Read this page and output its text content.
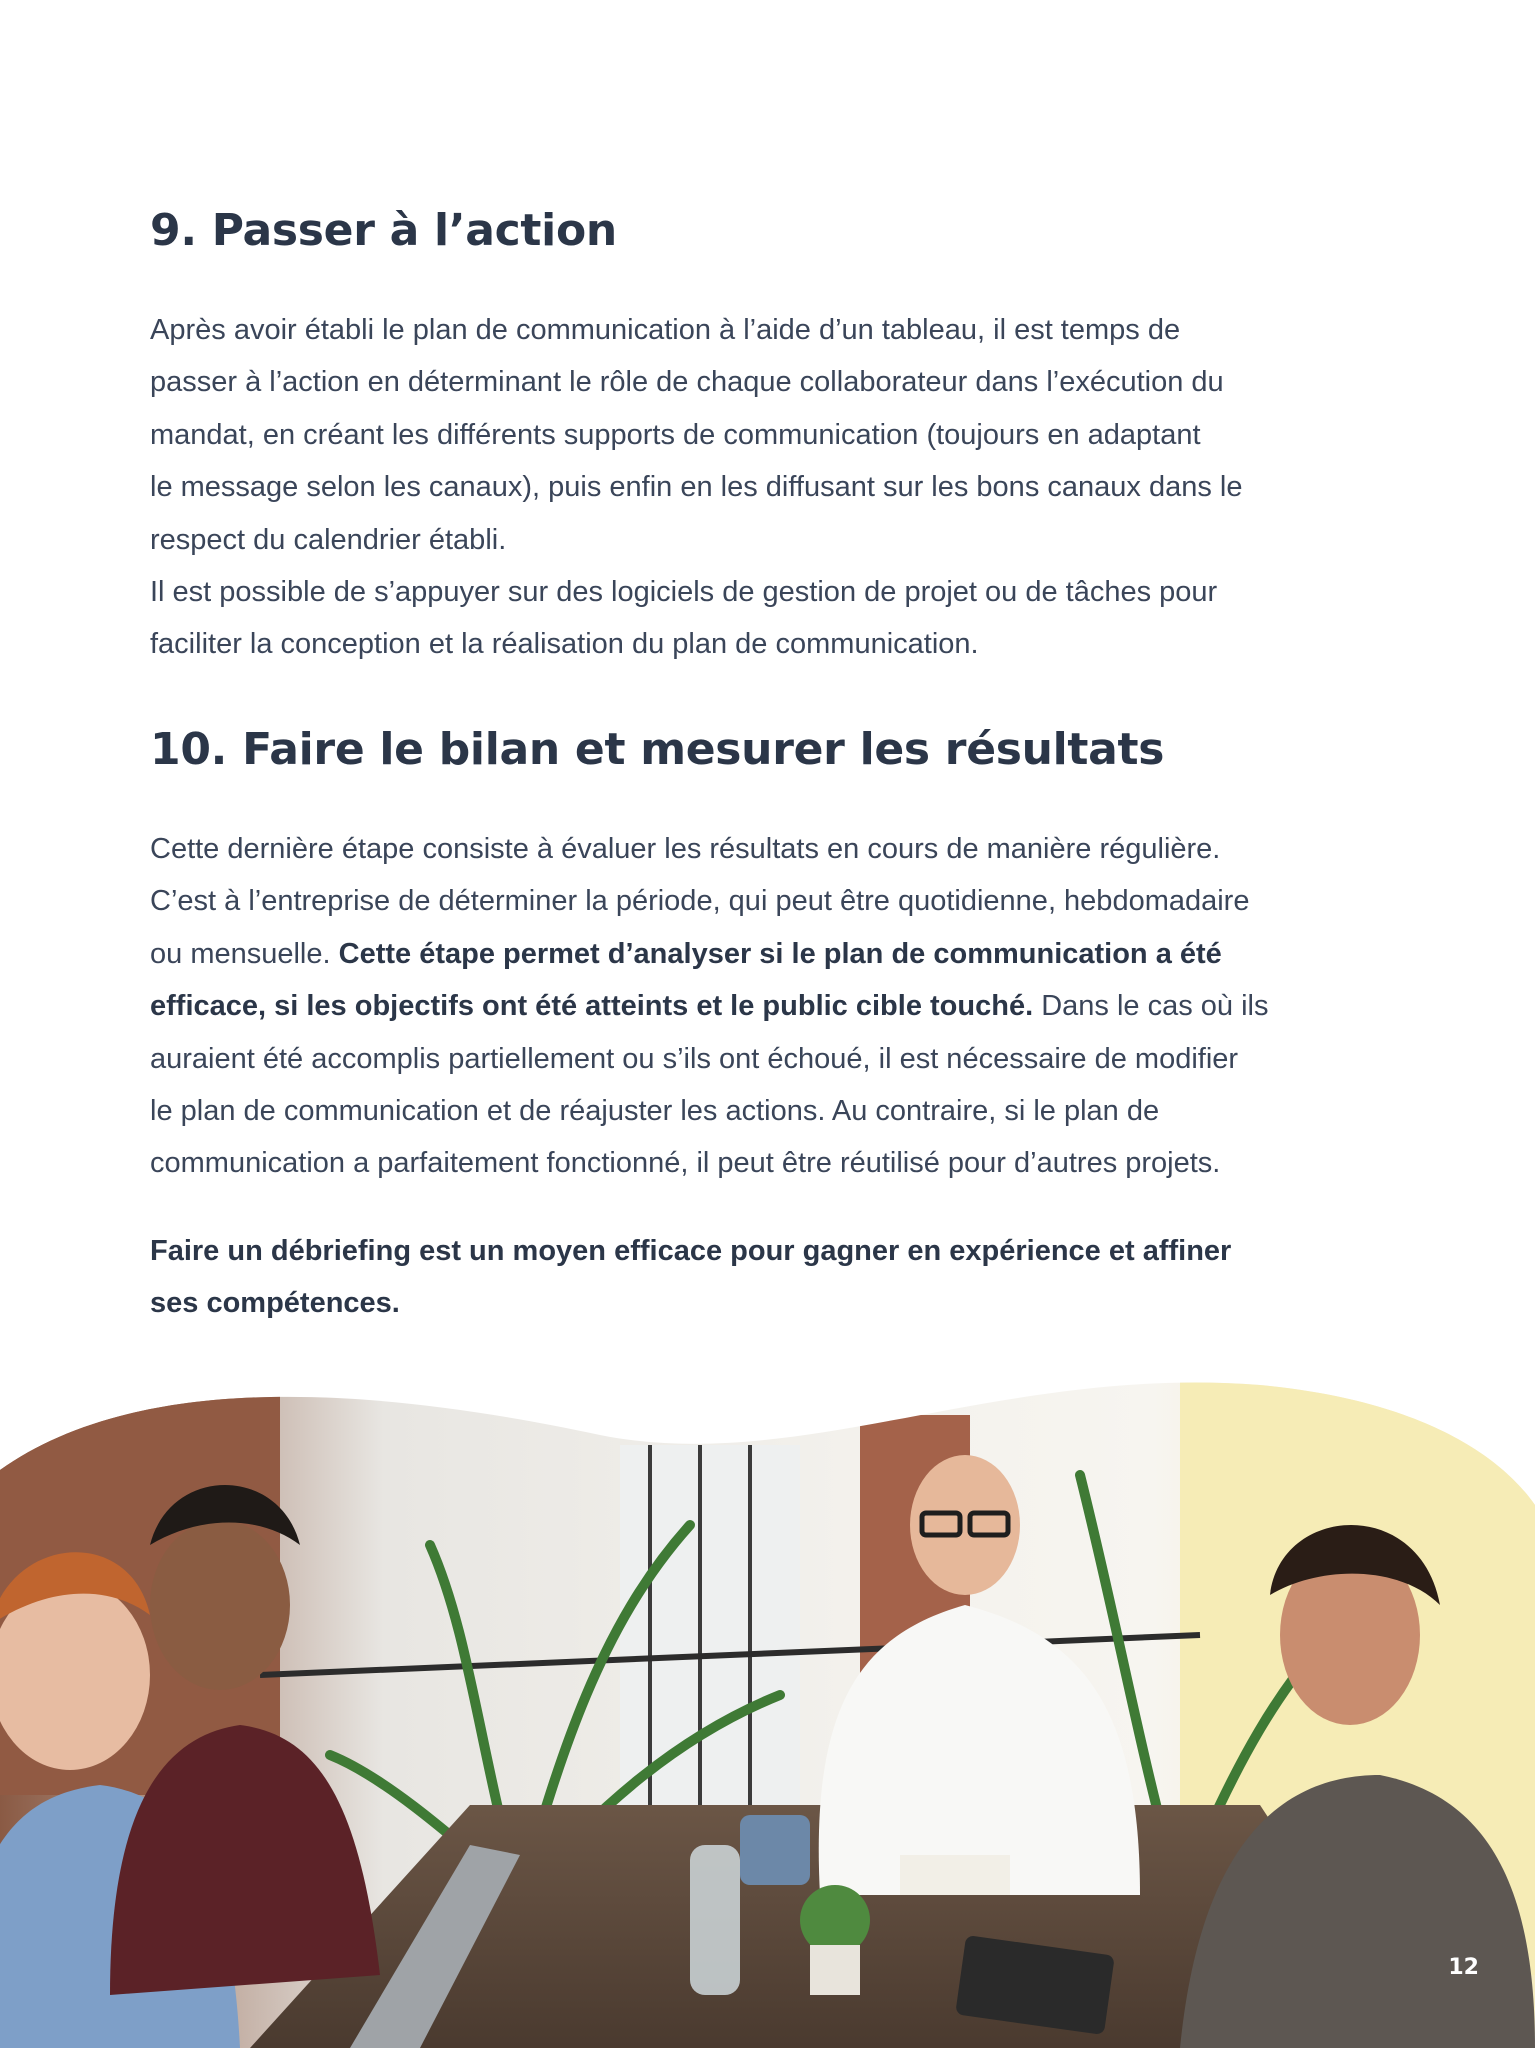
9. Passer à l’action
Après avoir établi le plan de communication à l’aide d’un tableau, il est temps de
passer à l’action en déterminant le rôle de chaque collaborateur dans l’exécution du
mandat, en créant les différents supports de communication (toujours en adaptant
le message selon les canaux), puis enfin en les diffusant sur les bons canaux dans le
respect du calendrier établi.
Il est possible de s’appuyer sur des logiciels de gestion de projet ou de tâches pour
faciliter la conception et la réalisation du plan de communication.
10. Faire le bilan et mesurer les résultats
Cette dernière étape consiste à évaluer les résultats en cours de manière régulière.
C’est à l’entreprise de déterminer la période, qui peut être quotidienne, hebdomadaire
ou mensuelle. Cette étape permet d’analyser si le plan de communication a été
efficace, si les objectifs ont été atteints et le public cible touché. Dans le cas où ils
auraient été accomplis partiellement ou s’ils ont échoué, il est nécessaire de modifier
le plan de communication et de réajuster les actions. Au contraire, si le plan de
communication a parfaitement fonctionné, il peut être réutilisé pour d’autres projets.
Faire un débriefing est un moyen efficace pour gagner en expérience et affiner
ses compétences.
12
